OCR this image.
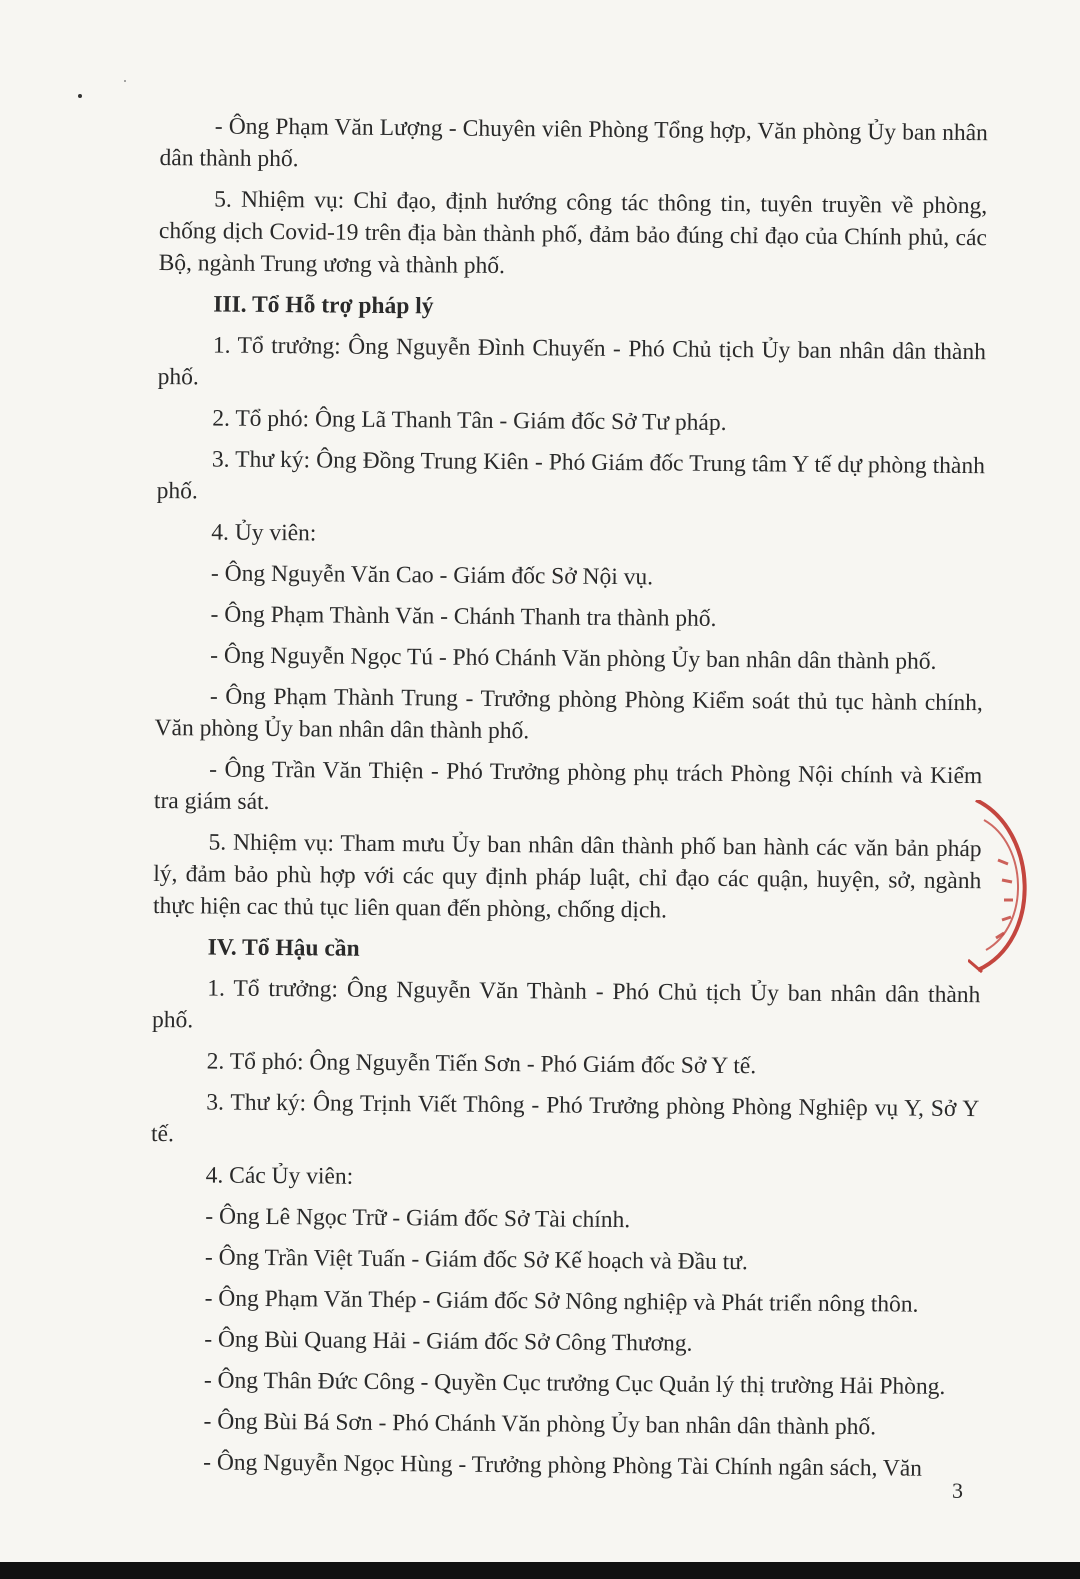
- Ông Phạm Văn Lượng - Chuyên viên Phòng Tổng hợp, Văn phòng Ủy ban nhân dân thành phố.

5. Nhiệm vụ: Chỉ đạo, định hướng công tác thông tin, tuyên truyền về phòng, chống dịch Covid-19 trên địa bàn thành phố, đảm bảo đúng chỉ đạo của Chính phủ, các Bộ, ngành Trung ương và thành phố.

III. Tổ Hỗ trợ pháp lý

1. Tổ trưởng: Ông Nguyễn Đình Chuyến - Phó Chủ tịch Ủy ban nhân dân thành phố.

2. Tổ phó: Ông Lã Thanh Tân - Giám đốc Sở Tư pháp.

3. Thư ký: Ông Đồng Trung Kiên - Phó Giám đốc Trung tâm Y tế dự phòng thành phố.

4. Ủy viên:

- Ông Nguyễn Văn Cao - Giám đốc Sở Nội vụ.

- Ông Phạm Thành Văn - Chánh Thanh tra thành phố.

- Ông Nguyễn Ngọc Tú - Phó Chánh Văn phòng Ủy ban nhân dân thành phố.

- Ông Phạm Thành Trung - Trưởng phòng Phòng Kiểm soát thủ tục hành chính, Văn phòng Ủy ban nhân dân thành phố.

- Ông Trần Văn Thiện - Phó Trưởng phòng phụ trách Phòng Nội chính và Kiểm tra giám sát.

5. Nhiệm vụ: Tham mưu Ủy ban nhân dân thành phố ban hành các văn bản pháp lý, đảm bảo phù hợp với các quy định pháp luật, chỉ đạo các quận, huyện, sở, ngành thực hiện cac thủ tục liên quan đến phòng, chống dịch.

IV. Tổ Hậu cần

1. Tổ trưởng: Ông Nguyễn Văn Thành - Phó Chủ tịch Ủy ban nhân dân thành phố.

2. Tổ phó: Ông Nguyễn Tiến Sơn - Phó Giám đốc Sở Y tế.

3. Thư ký: Ông Trịnh Viết Thông - Phó Trưởng phòng Phòng Nghiệp vụ Y, Sở Y tế.

4. Các Ủy viên:

- Ông Lê Ngọc Trữ - Giám đốc Sở Tài chính.

- Ông Trần Việt Tuấn - Giám đốc Sở Kế hoạch và Đầu tư.

- Ông Phạm Văn Thép - Giám đốc Sở Nông nghiệp và Phát triển nông thôn.

- Ông Bùi Quang Hải - Giám đốc Sở Công Thương.

- Ông Thân Đức Công - Quyền Cục trưởng Cục Quản lý thị trường Hải Phòng.

- Ông Bùi Bá Sơn - Phó Chánh Văn phòng Ủy ban nhân dân thành phố.

- Ông Nguyễn Ngọc Hùng - Trưởng phòng Phòng Tài Chính ngân sách, Văn

3
